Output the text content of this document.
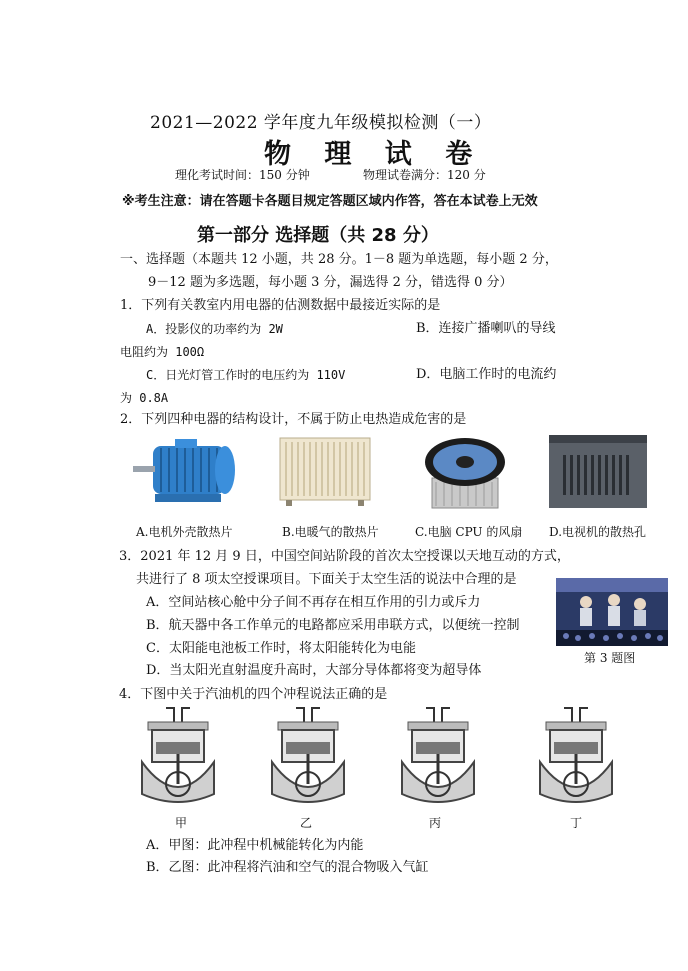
2021—2022 学年度九年级模拟检测（一）
物 理 试 卷
理化考试时间：150 分钟	物理试卷满分：120 分
※考生注意：请在答题卡各题目规定答题区域内作答，答在本试卷上无效
第一部分 选择题（共 28 分）
一、选择题（本题共 12 小题，共 28 分。1－8 题为单选题，每小题 2 分，
9－12 题为多选题，每小题 3 分，漏选得 2 分，错选得 0 分）
1．下列有关教室内用电器的估测数据中最接近实际的是
A．投影仪的功率约为 2W	B．连接广播喇叭的导线
电阻约为 100Ω
C．日光灯管工作时的电压约为 110V	D．电脑工作时的电流约
为 0.8A
2．下列四种电器的结构设计，不属于防止电热造成危害的是
A.电机外壳散热片	B.电暖气的散热片	C.电脑 CPU 的风扇 D.电视机的散热孔
3．2021 年 12 月 9 日，中国空间站阶段的首次太空授课以天地互动的方式，
共进行了 8 项太空授课项目。下面关于太空生活的说法中合理的是
A．空间站核心舱中分子间不再存在相互作用的引力或斥力
B．航天器中各工作单元的电路都应采用串联方式，以便统一控制
C．太阳能电池板工作时，将太阳能转化为电能
D．当太阳光直射温度升高时，大部分导体都将变为超导体
第 3 题图
4．下图中关于汽油机的四个冲程说法正确的是
甲	乙	丙	丁
A．甲图：此冲程中机械能转化为内能
B．乙图：此冲程将汽油和空气的混合物吸入气缸
